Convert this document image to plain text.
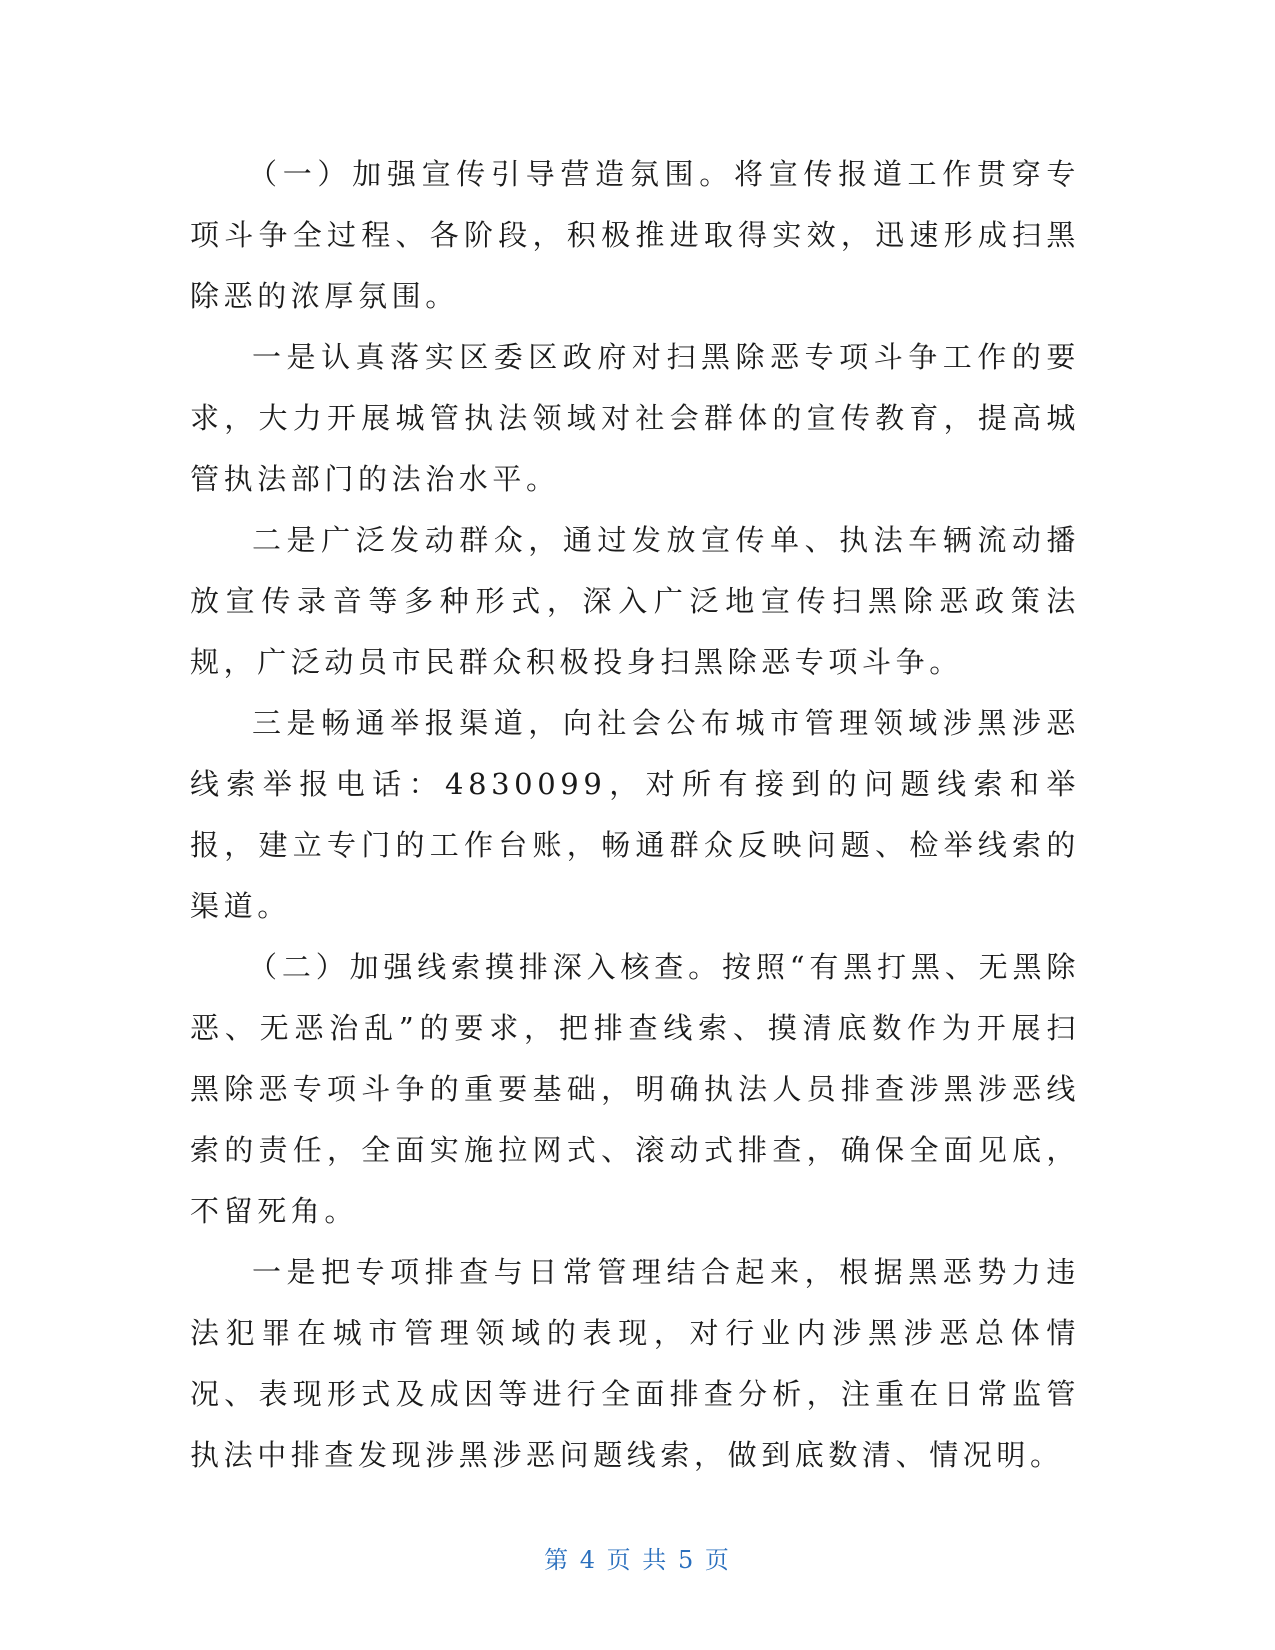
（一）加强宣传引导营造氛围。将宣传报道工作贯穿专项斗争全过程、各阶段，积极推进取得实效，迅速形成扫黑除恶的浓厚氛围。

一是认真落实区委区政府对扫黑除恶专项斗争工作的要求，大力开展城管执法领域对社会群体的宣传教育，提高城管执法部门的法治水平。

二是广泛发动群众，通过发放宣传单、执法车辆流动播放宣传录音等多种形式，深入广泛地宣传扫黑除恶政策法规，广泛动员市民群众积极投身扫黑除恶专项斗争。

三是畅通举报渠道，向社会公布城市管理领域涉黑涉恶线索举报电话：4830099，对所有接到的问题线索和举报，建立专门的工作台账，畅通群众反映问题、检举线索的渠道。

（二）加强线索摸排深入核查。按照“有黑打黑、无黑除恶、无恶治乱”的要求，把排查线索、摸清底数作为开展扫黑除恶专项斗争的重要基础，明确执法人员排查涉黑涉恶线索的责任，全面实施拉网式、滚动式排查，确保全面见底，不留死角。

一是把专项排查与日常管理结合起来，根据黑恶势力违法犯罪在城市管理领域的表现，对行业内涉黑涉恶总体情况、表现形式及成因等进行全面排查分析，注重在日常监管执法中排查发现涉黑涉恶问题线索，做到底数清、情况明。

第 4 页 共 5 页
